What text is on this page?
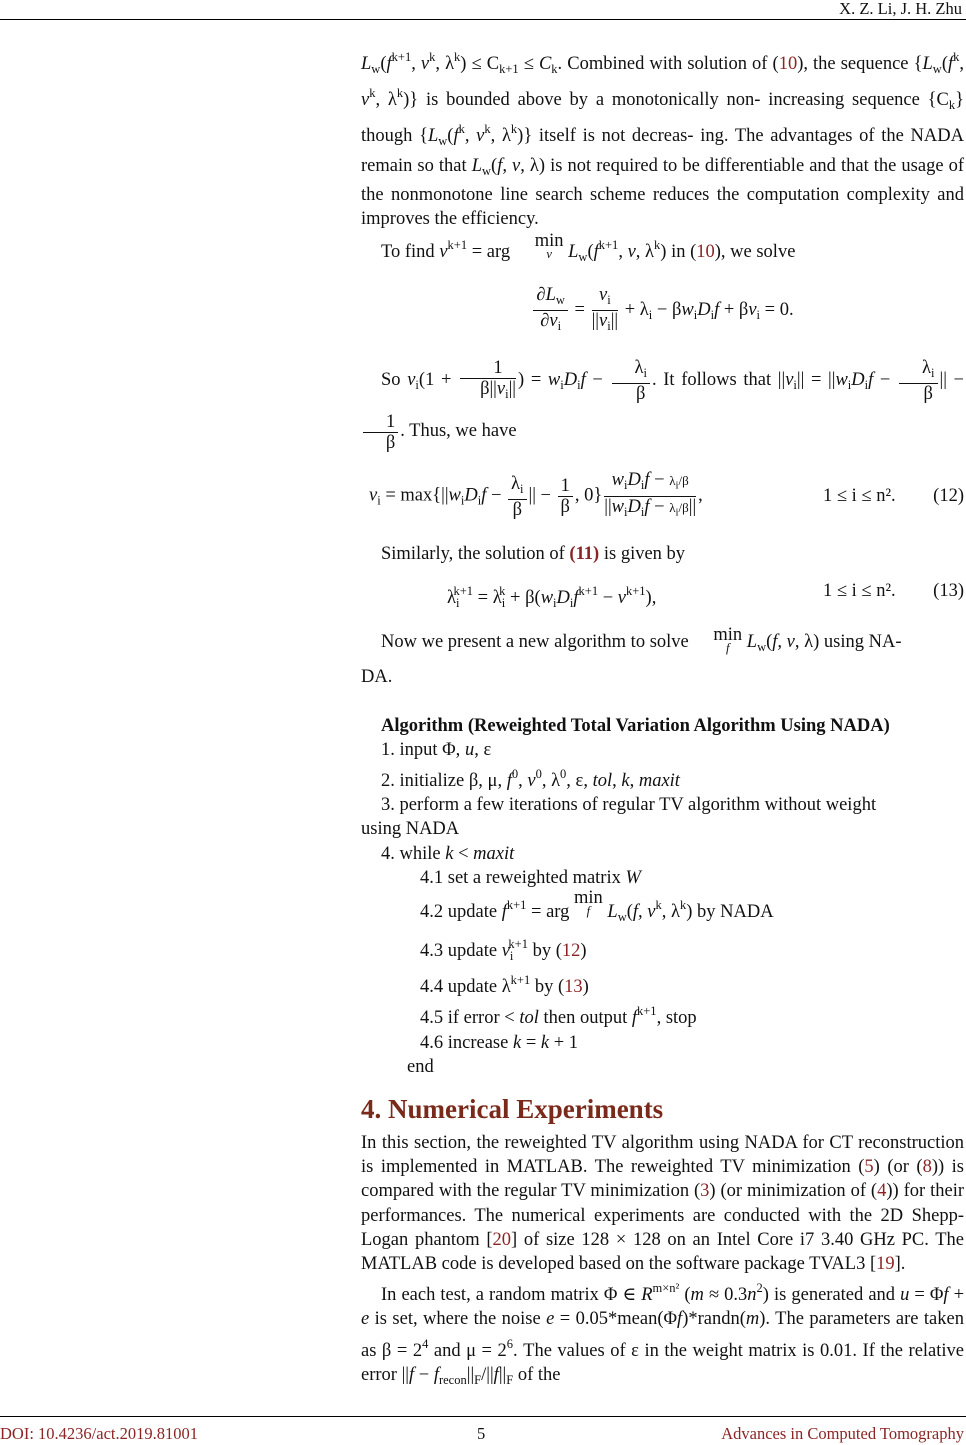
X. Z. Li, J. H. Zhu

$L_w(f^{k+1}$, $v^k$, $\lambda^k) \le C_{k+1} \le C_k$. Combined with solution of (10), the sequence {$L_w(f^k$, $v^k$, $\lambda^k$)} is bounded above by a monotonically non- increasing sequence $\{C_k\}$ though {$L_w(f^k$, $v^k$, $\lambda^k$)} itself is not decreas- ing. The advantages of the NADA remain so that $L_w(f$, v, λ) is not required to be differentiable and that the usage of the nonmonotone line search scheme reduces the computation complexity and improves the efficiency.

To find $v^{k+1}$ = arg min
v $L_w(f^{k+1}$, v, $\lambda^k$) in (10), we solve

$\frac{\partial L_w}{\partial v_i} = \frac{v_i}{||v_i||} + \lambda_i - \beta w_iD_if + \beta v_i = 0$.

So $v_i(1 + \frac{1}{\beta||v_i||}$ ) = $w_iD_if - \frac{\lambda_i}{\beta}$ . It follows that $||v_i|| = ||w_iD_if - \frac{\lambda_i}{\beta}$ || −
$\frac{1}{\beta}$ . Thus, we have

$v_i = \max\{||w_iD_if - \frac{\lambda_i}{\beta}$ || − $\frac{1}{\beta}$ , $0\} \frac{w_iD_if - \lambda_i/\beta}{||w_iD_if - \lambda_i/\beta||}$ ,	1 ≤ i ≤ n². (12)

Similarly, the solution of (11) is given by

$\lambda_i^{k+1} = \lambda_i^k + \beta(w_iD_if^{k+1} - v^{k+1})$,	1 ≤ i ≤ n². (13)

Now we present a new algorithm to solve min
f $L_w(f$, v, λ) using NA-
DA.

Algorithm (Reweighted Total Variation Algorithm Using NADA)

1. input Φ, u, ε

2. initialize β, μ, $f^0$, $v^0$, $\lambda^0$, ε, tol, k, maxit

3. perform a few iterations of regular TV algorithm without weight

using NADA

4. while k < maxit

4.1 set a reweighted matrix W

4.2 update $f^{k+1}$ = arg min
f $L_w(f$, $v^k$, $\lambda^k$) by NADA

4.3 update $v_i^{k+1}$ by (12)

4.4 update $\lambda^{k+1}$ by (13)

4.5 if error < tol then output $f^{k+1}$, stop

4.6 increase k = k + 1

end

4. Numerical Experiments

In this section, the reweighted TV algorithm using NADA for CT reconstruction is implemented in MATLAB. The reweighted TV minimization (5) (or (8)) is compared with the regular TV minimization (3) (or minimization of (4)) for their performances. The numerical experiments are conducted with the 2D Shepp-Logan phantom [20] of size 128 × 128 on an Intel Core i7 3.40 GHz PC. The MATLAB code is developed based on the software package TVAL3 [19].

In each test, a random matrix Φ ∈ $R^{m\times n^2}$ $(m \approx 0.3n^2)$ is generated and u = Φf + e is set, where the noise e = 0.05*mean(Φf)*randn(m). The parameters are taken as $\beta = 2^4$ and $\mu = 2^6$. The values of ε in the weight matrix is 0.01. If the relative error $||f - f_{recon}||_F/||f||_F$ of the

DOI: 10.4236/act.2019.81001	5	Advances in Computed Tomography
